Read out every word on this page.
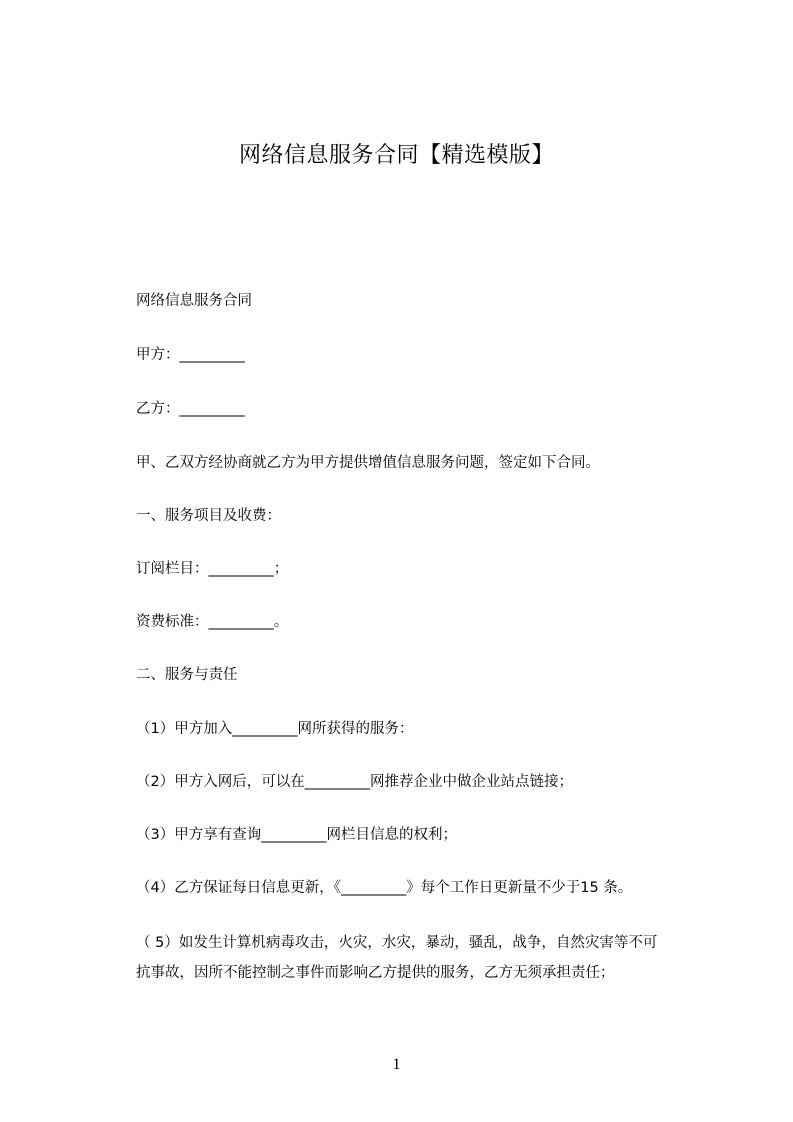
网络信息服务合同【精选模版】
网络信息服务合同
甲方：_________
乙方：_________
甲、乙双方经协商就乙方为甲方提供增值信息服务问题，签定如下合同。
一、服务项目及收费：
订阅栏目：_________；
资费标准：_________。
二、服务与责任
（1）甲方加入_________网所获得的服务：
（2）甲方入网后，可以在_________网推荐企业中做企业站点链接；
（3）甲方享有查询_________网栏目信息的权利；
（4）乙方保证每日信息更新，《_________》每个工作日更新量不少于15 条。
（ 5）如发生计算机病毒攻击，火灾，水灾，暴动，骚乱，战争，自然灾害等不可抗事故，因所不能控制之事件而影响乙方提供的服务，乙方无须承担责任；
1
